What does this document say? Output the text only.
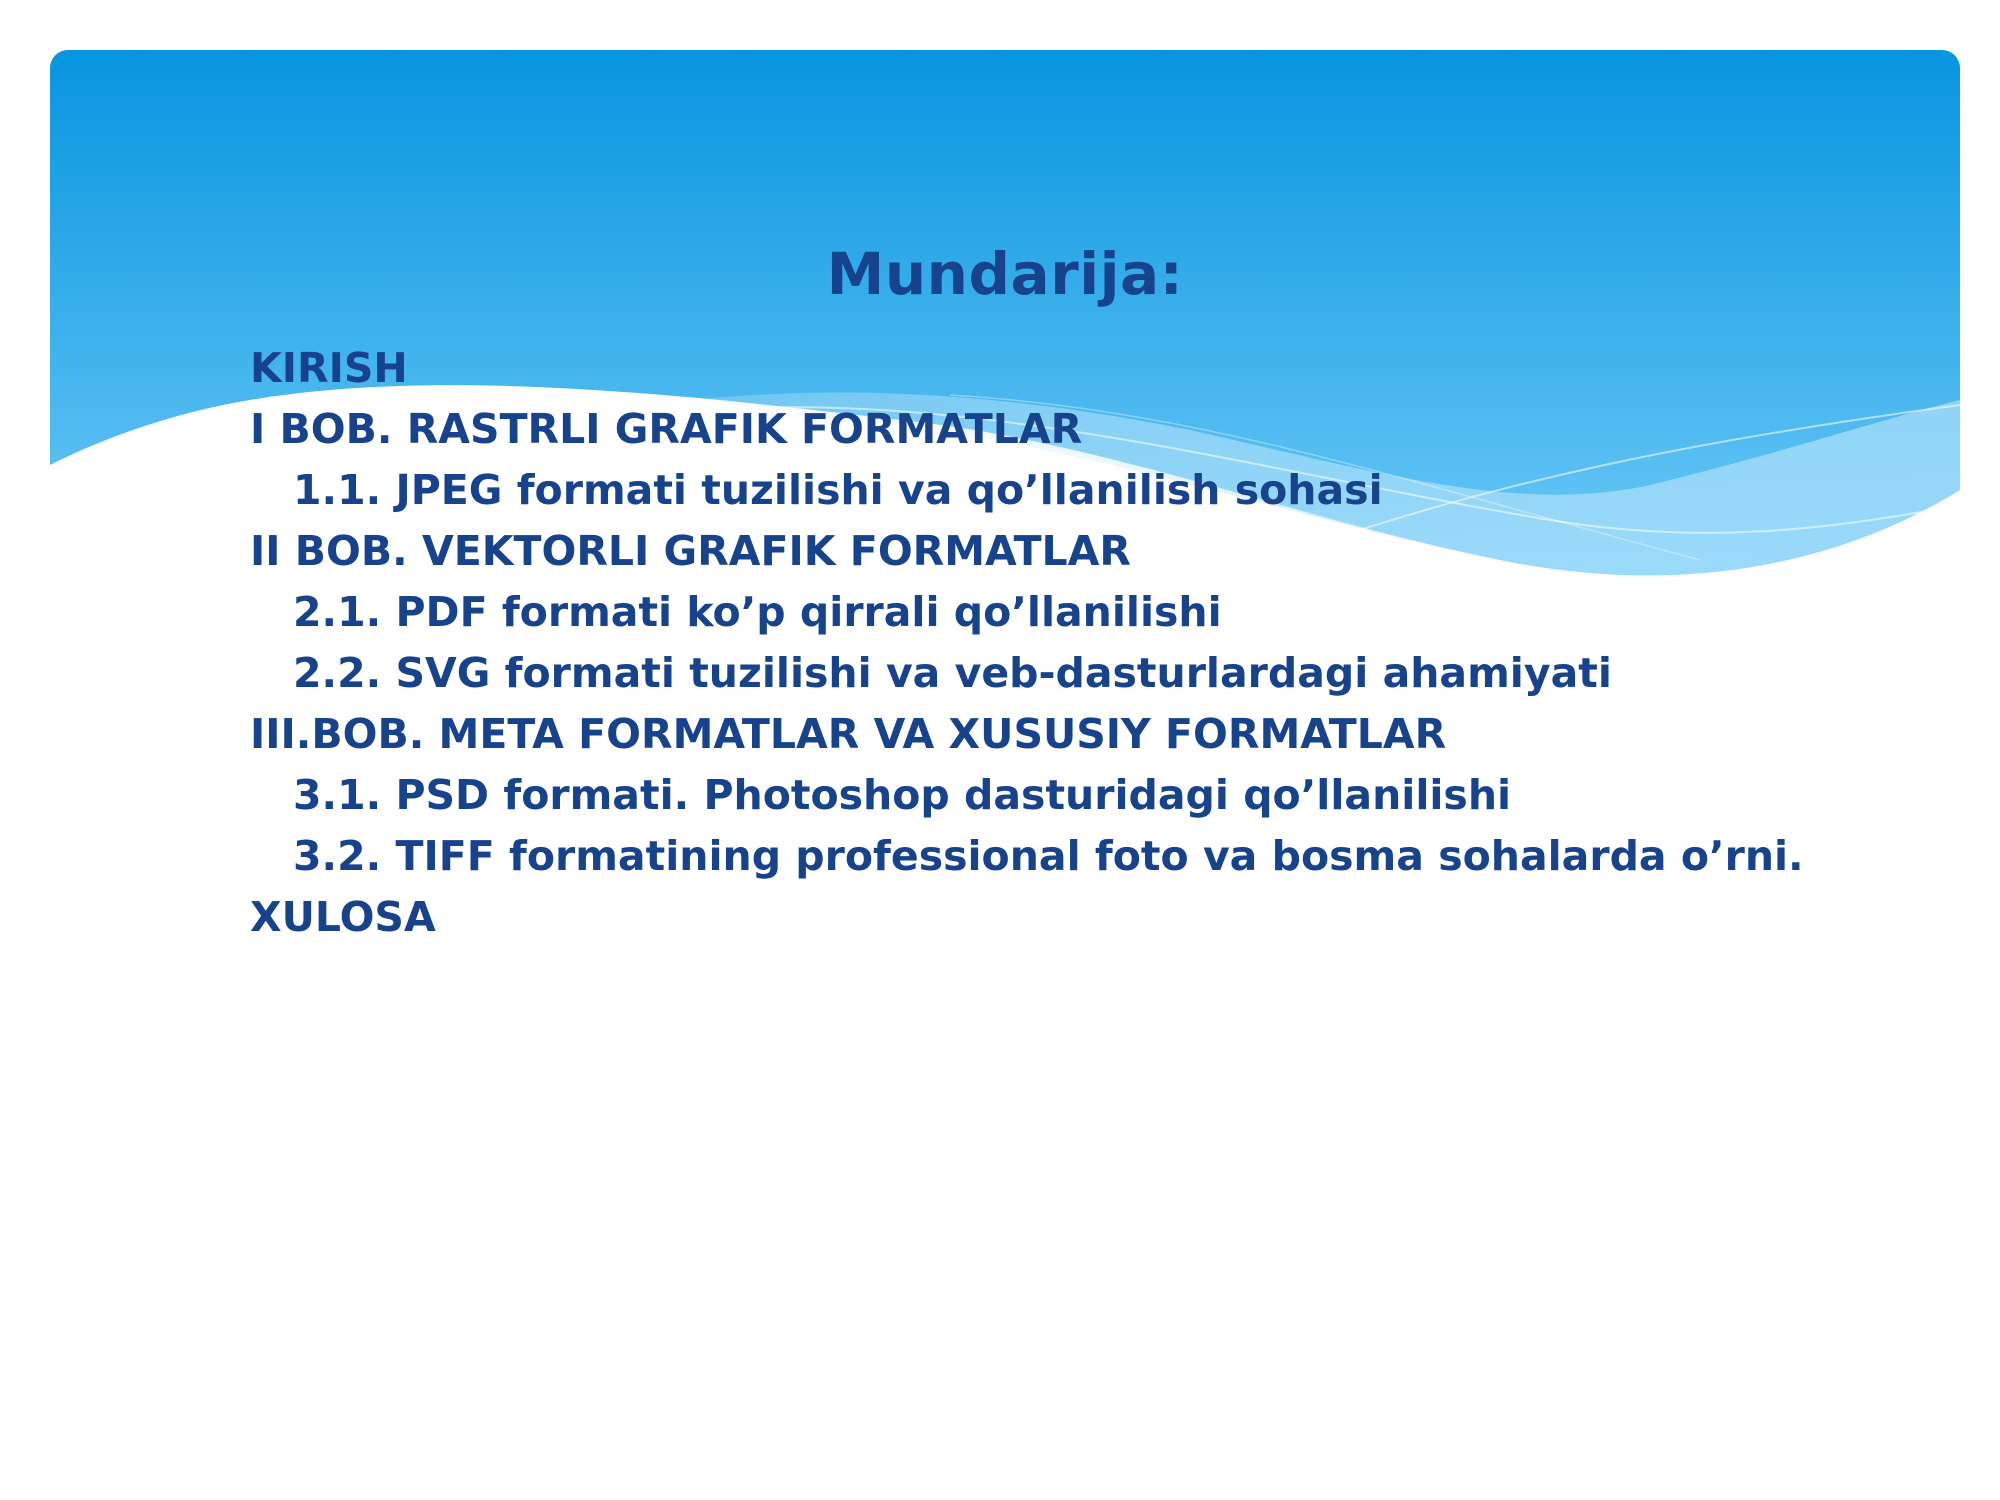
Mundarija:
KIRISH
I BOB. RASTRLI GRAFIK FORMATLAR
1.1. JPEG formati tuzilishi va qo’llanilish sohasi
II BOB. VEKTORLI GRAFIK FORMATLAR
2.1. PDF formati ko’p qirrali qo’llanilishi
2.2. SVG formati tuzilishi va veb-dasturlardagi ahamiyati
III.BOB. META FORMATLAR VA XUSUSIY FORMATLAR
3.1. PSD formati. Photoshop dasturidagi qo’llanilishi
3.2. TIFF formatining professional foto va bosma sohalarda o’rni.
XULOSA
